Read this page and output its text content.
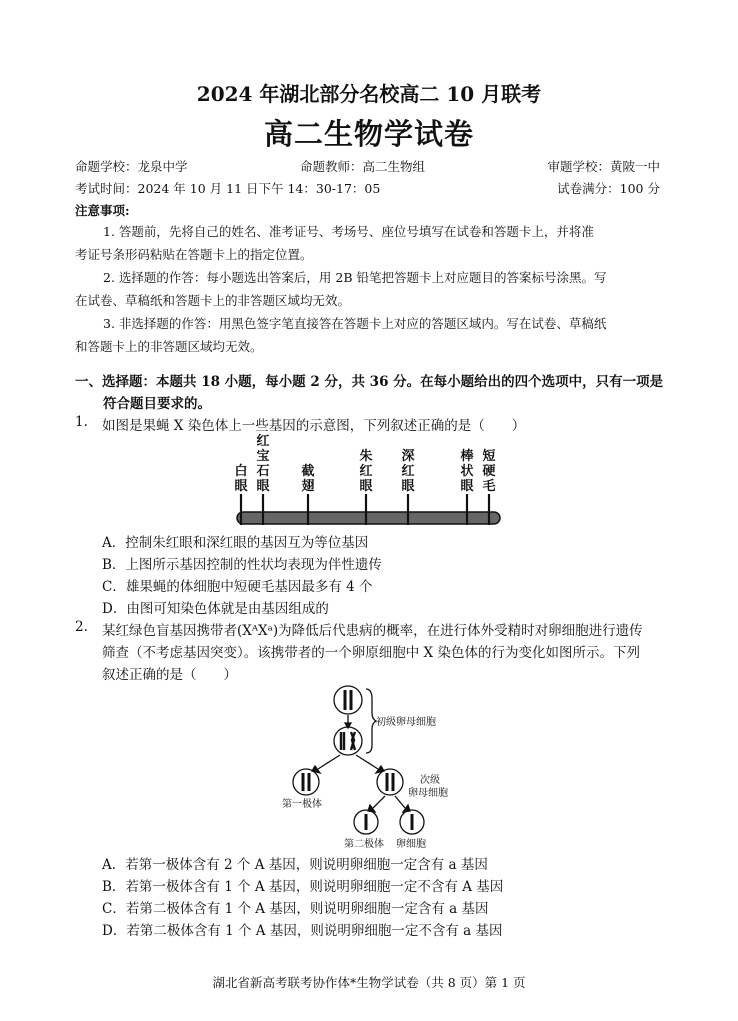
2024 年湖北部分名校高二 10 月联考
高二生物学试卷
命题学校：龙泉中学	命题教师：高二生物组	审题学校：黄陂一中
考试时间：2024 年 10 月 11 日下午 14：30-17：05	试卷满分：100 分
注意事项:
1. 答题前，先将自己的姓名、准考证号、考场号、座位号填写在试卷和答题卡上，并将准
考证号条形码粘贴在答题卡上的指定位置。
2. 选择题的作答：每小题选出答案后，用 2B 铅笔把答题卡上对应题目的答案标号涂黑。写
在试卷、草稿纸和答题卡上的非答题区域均无效。
3. 非选择题的作答：用黑色签字笔直接答在答题卡上对应的答题区域内。写在试卷、草稿纸
和答题卡上的非答题区域均无效。
一、选择题：本题共 18 小题，每小题 2 分，共 36 分。在每小题给出的四个选项中，只有一项是
符合题目要求的。
1. 如图是果蝇 X 染色体上一些基因的示意图，下列叙述正确的是（　　）
白眼
红宝石眼
截翅
朱红眼
深红眼
棒状眼
短硬毛
A．控制朱红眼和深红眼的基因互为等位基因
B．上图所示基因控制的性状均表现为伴性遗传
C．雄果蝇的体细胞中短硬毛基因最多有 4 个
D．由图可知染色体就是由基因组成的
2. 某红绿色盲基因携带者(XᴬXᵃ)为降低后代患病的概率，在进行体外受精时对卵细胞进行遗传
筛查（不考虑基因突变）。该携带者的一个卵原细胞中 X 染色体的行为变化如图所示。下列
叙述正确的是（　　）
初级卵母细胞
第一极体
次级
卵母细胞
第二极体 卵细胞
A．若第一极体含有 2 个 A 基因，则说明卵细胞一定含有 a 基因
B．若第一极体含有 1 个 A 基因，则说明卵细胞一定不含有 A 基因
C．若第二极体含有 1 个 A 基因，则说明卵细胞一定含有 a 基因
D．若第二极体含有 1 个 A 基因，则说明卵细胞一定不含有 a 基因
湖北省新高考联考协作体*生物学试卷（共 8 页）第 1 页
